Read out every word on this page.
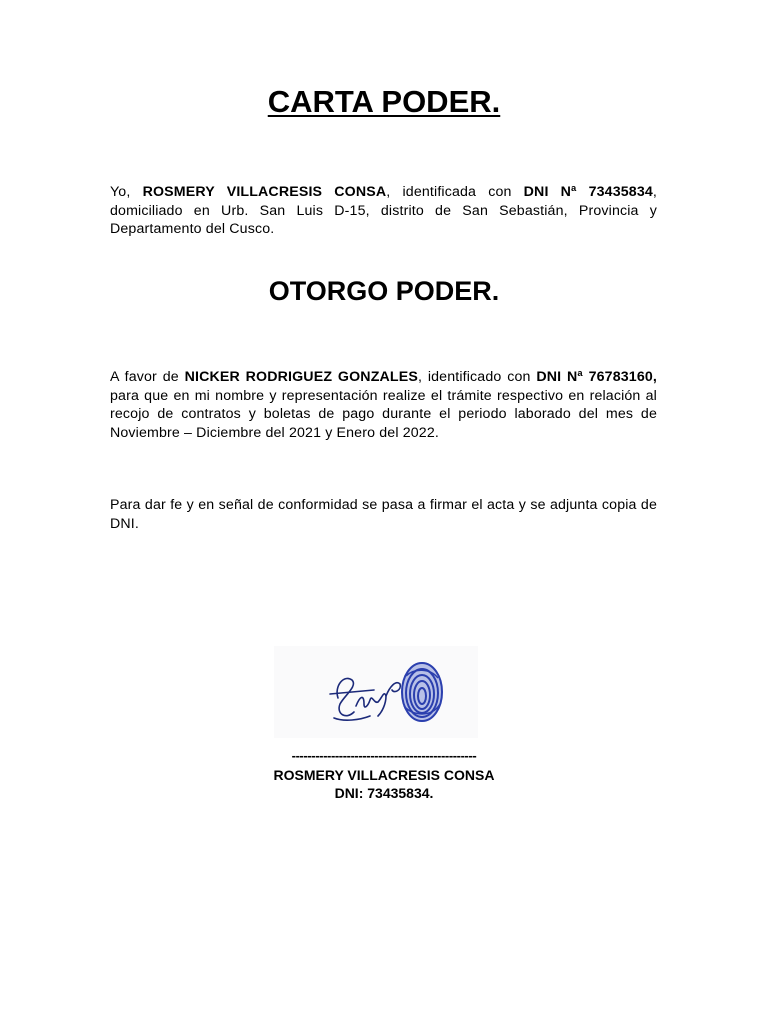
CARTA PODER.

Yo, ROSMERY VILLACRESIS CONSA, identificada con DNI Nª 73435834, domiciliado en Urb. San Luis D-15, distrito de San Sebastián, Provincia y Departamento del Cusco.

OTORGO PODER.

A favor de NICKER RODRIGUEZ GONZALES, identificado con DNI Nª 76783160, para que en mi nombre y representación realize el trámite respectivo en relación al recojo de contratos y boletas de pago durante el periodo laborado del mes de Noviembre – Diciembre del 2021 y Enero del 2022.

Para dar fe y en señal de conformidad se pasa a firmar el acta y se adjunta copia de DNI.

-----------------------------------------------

ROSMERY VILLACRESIS CONSA

DNI: 73435834.
